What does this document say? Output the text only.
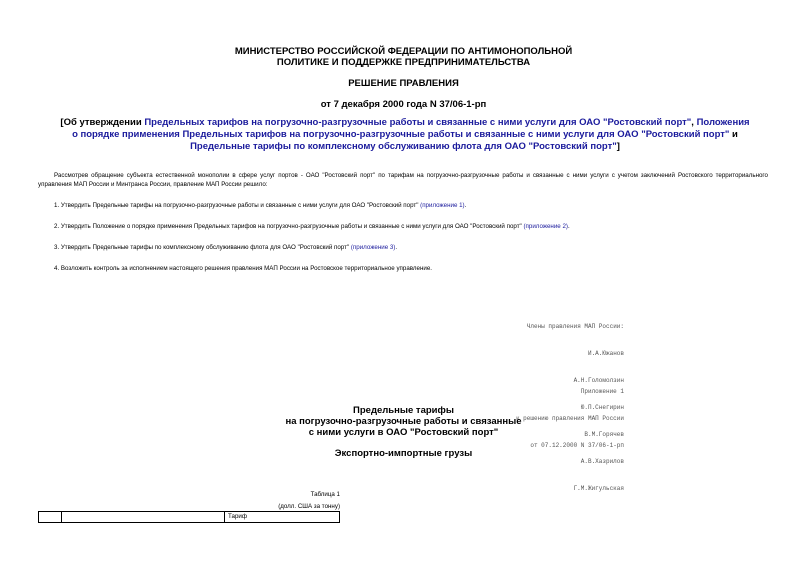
МИНИСТЕРСТВО РОССИЙСКОЙ ФЕДЕРАЦИИ ПО АНТИМОНОПОЛЬНОЙ
ПОЛИТИКЕ И ПОДДЕРЖКЕ ПРЕДПРИНИМАТЕЛЬСТВА
РЕШЕНИЕ ПРАВЛЕНИЯ
от 7 декабря 2000 года N 37/06-1-рп
[Об утверждении Предельных тарифов на погрузочно-разгрузочные работы и связанные с ними услуги для ОАО "Ростовский порт", Положения о порядке применения Предельных тарифов на погрузочно-разгрузочные работы и связанные с ними услуги для ОАО "Ростовский порт" и Предельные тарифы по комплексному обслуживанию флота для ОАО "Ростовский порт"]
Рассмотрев обращение субъекта естественной монополии в сфере услуг портов - ОАО "Ростовский порт" по тарифам на погрузочно-разгрузочные работы и связанные с ними услуги с учетом заключений Ростовского территориального управления МАП России и Минтранса России, правление МАП России решило:
1. Утвердить Предельные тарифы на погрузочно-разгрузочные работы и связанные с ними услуги для ОАО "Ростовский порт" (приложение 1).
2. Утвердить Положение о порядке применения Предельных тарифов на погрузочно-разгрузочные работы и связанные с ними услуги для ОАО "Ростовский порт" (приложение 2).
3. Утвердить Предельные тарифы по комплексному обслуживанию флота для ОАО "Ростовский порт" (приложение 3).
4. Возложить контроль за исполнением настоящего решения правления МАП России на Ростовское территориальное управление.

Члены правления МАП России:

И.А.Южанов

А.Н.Голомолзин

Ю.П.Снегирин

В.М.Горячев

А.В.Хазрилов

Г.М.Жигульская

Приложение 1

к решению правления МАП России

от 07.12.2000 N 37/06-1-рп

Предельные тарифы
на погрузочно-разгрузочные работы и связанные
с ними услуги в ОАО "Ростовский порт"
Экспортно-импортные грузы
Таблица 1
(долл. США за тонну)
Тариф
